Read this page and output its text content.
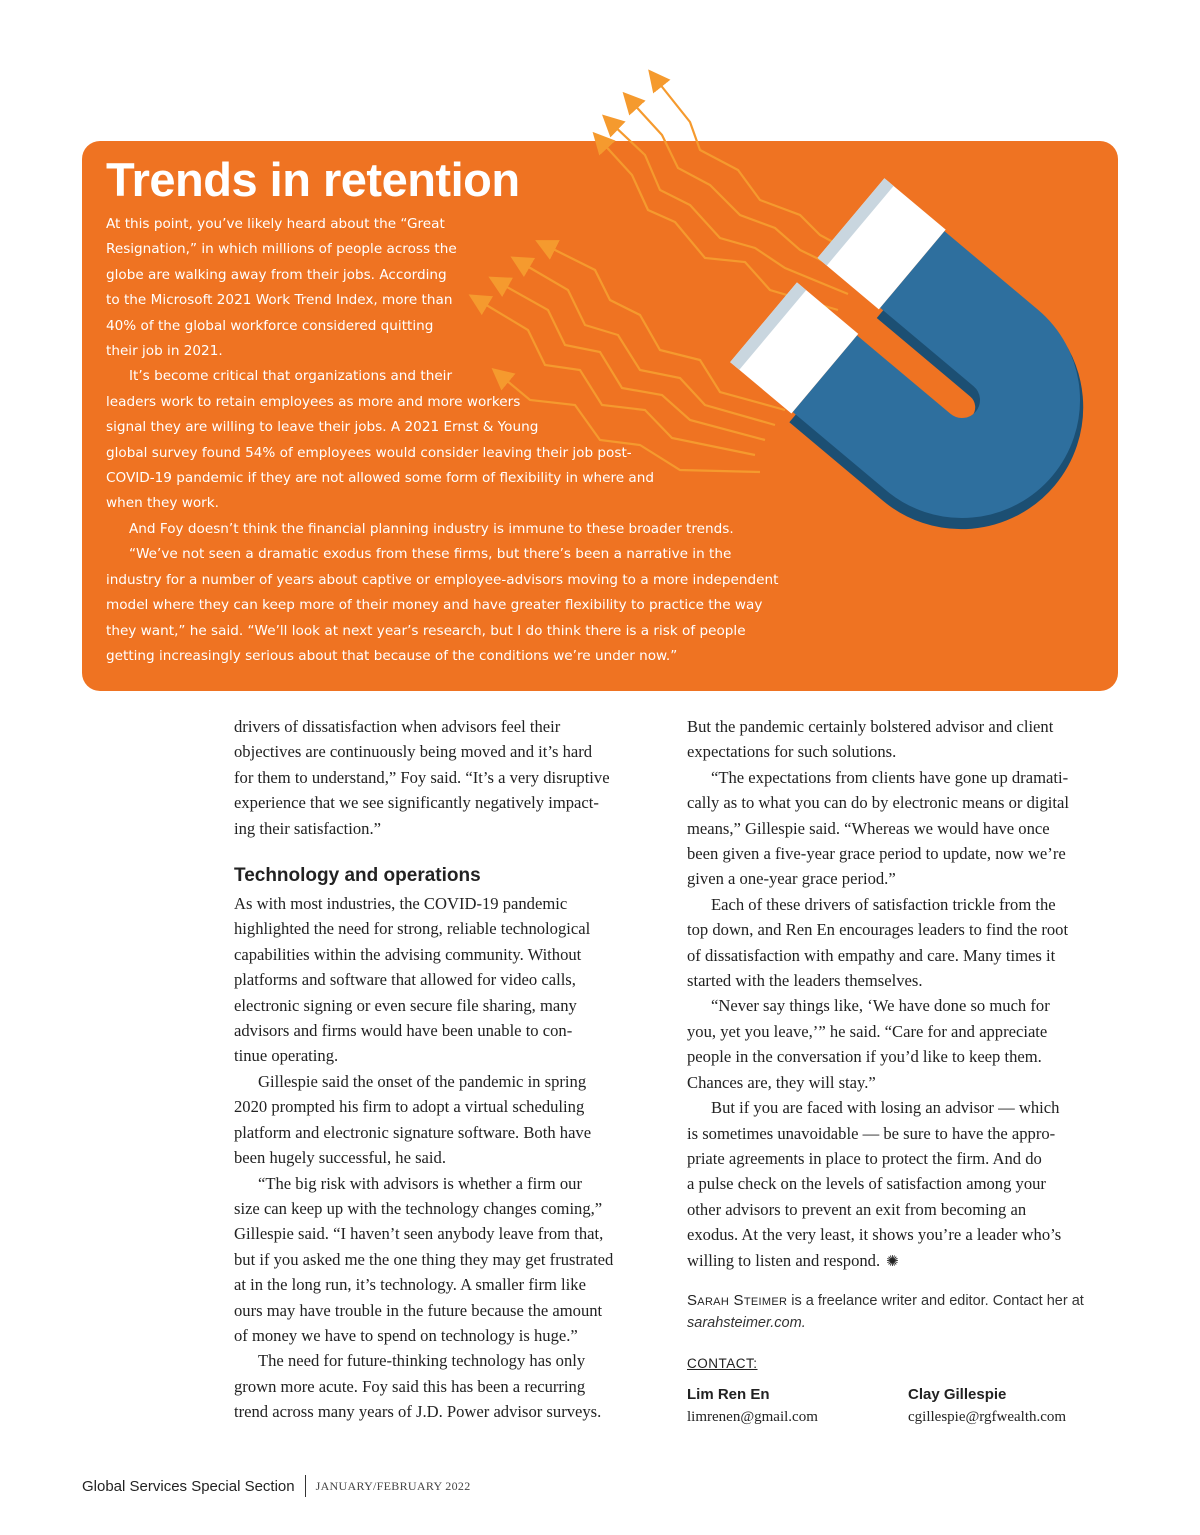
Trends in retention
At this point, you’ve likely heard about the “Great
Resignation,” in which millions of people across the
globe are walking away from their jobs. According
to the Microsoft 2021 Work Trend Index, more than
40% of the global workforce considered quitting
their job in 2021.
It’s become critical that organizations and their
leaders work to retain employees as more and more workers
signal they are willing to leave their jobs. A 2021 Ernst & Young
global survey found 54% of employees would consider leaving their job post-
COVID-19 pandemic if they are not allowed some form of flexibility in where and
when they work.
And Foy doesn’t think the financial planning industry is immune to these broader trends.
“We’ve not seen a dramatic exodus from these firms, but there’s been a narrative in the
industry for a number of years about captive or employee-advisors moving to a more independent
model where they can keep more of their money and have greater flexibility to practice the way
they want,” he said. “We’ll look at next year’s research, but I do think there is a risk of people
getting increasingly serious about that because of the conditions we’re under now.”
drivers of dissatisfaction when advisors feel their
objectives are continuously being moved and it’s hard
for them to understand,” Foy said. “It’s a very disruptive
experience that we see significantly negatively impact-
ing their satisfaction.”
Technology and operations
As with most industries, the COVID-19 pandemic
highlighted the need for strong, reliable technological
capabilities within the advising community. Without
platforms and software that allowed for video calls,
electronic signing or even secure file sharing, many
advisors and firms would have been unable to con-
tinue operating.
Gillespie said the onset of the pandemic in spring
2020 prompted his firm to adopt a virtual scheduling
platform and electronic signature software. Both have
been hugely successful, he said.
“The big risk with advisors is whether a firm our
size can keep up with the technology changes coming,”
Gillespie said. “I haven’t seen anybody leave from that,
but if you asked me the one thing they may get frustrated
at in the long run, it’s technology. A smaller firm like
ours may have trouble in the future because the amount
of money we have to spend on technology is huge.”
The need for future-thinking technology has only
grown more acute. Foy said this has been a recurring
trend across many years of J.D. Power advisor surveys.
But the pandemic certainly bolstered advisor and client
expectations for such solutions.
“The expectations from clients have gone up dramati-
cally as to what you can do by electronic means or digital
means,” Gillespie said. “Whereas we would have once
been given a five-year grace period to update, now we’re
given a one-year grace period.”
Each of these drivers of satisfaction trickle from the
top down, and Ren En encourages leaders to find the root
of dissatisfaction with empathy and care. Many times it
started with the leaders themselves.
“Never say things like, ‘We have done so much for
you, yet you leave,’” he said. “Care for and appreciate
people in the conversation if you’d like to keep them.
Chances are, they will stay.”
But if you are faced with losing an advisor — which
is sometimes unavoidable — be sure to have the appro-
priate agreements in place to protect the firm. And do
a pulse check on the levels of satisfaction among your
other advisors to prevent an exit from becoming an
exodus. At the very least, it shows you’re a leader who’s
willing to listen and respond. ✺
Sarah Steimer is a freelance writer and editor. Contact her at
sarahsteimer.com.
CONTACT:
Lim Ren En
limrenen@gmail.com
Clay Gillespie
cgillespie@rgfwealth.com
Global Services Special Section JANUARY/FEBRUARY 2022
